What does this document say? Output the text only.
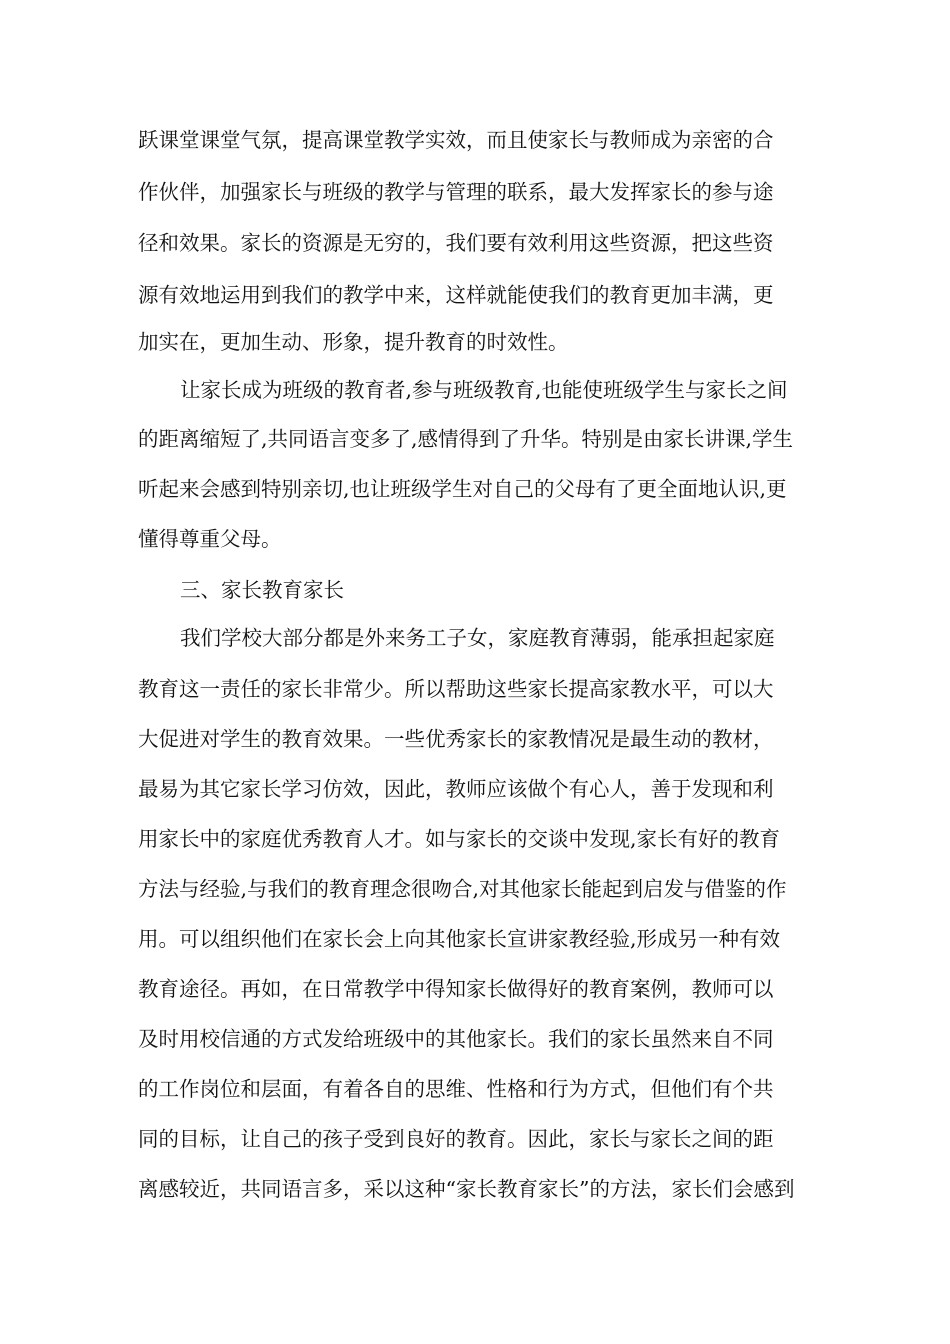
跃课堂课堂气氛，提高课堂教学实效，而且使家长与教师成为亲密的合
作伙伴，加强家长与班级的教学与管理的联系，最大发挥家长的参与途
径和效果。家长的资源是无穷的，我们要有效利用这些资源，把这些资
源有效地运用到我们的教学中来，这样就能使我们的教育更加丰满，更
加实在，更加生动、形象，提升教育的时效性。
让家长成为班级的教育者,参与班级教育,也能使班级学生与家长之间
的距离缩短了,共同语言变多了,感情得到了升华。特别是由家长讲课,学生
听起来会感到特别亲切,也让班级学生对自己的父母有了更全面地认识,更
懂得尊重父母。
三、家长教育家长
我们学校大部分都是外来务工子女，家庭教育薄弱，能承担起家庭
教育这一责任的家长非常少。所以帮助这些家长提高家教水平，可以大
大促进对学生的教育效果。一些优秀家长的家教情况是最生动的教材，
最易为其它家长学习仿效，因此，教师应该做个有心人，善于发现和利
用家长中的家庭优秀教育人才。如与家长的交谈中发现,家长有好的教育
方法与经验,与我们的教育理念很吻合,对其他家长能起到启发与借鉴的作
用。可以组织他们在家长会上向其他家长宣讲家教经验,形成另一种有效
教育途径。再如，在日常教学中得知家长做得好的教育案例，教师可以
及时用校信通的方式发给班级中的其他家长。我们的家长虽然来自不同
的工作岗位和层面，有着各自的思维、性格和行为方式，但他们有个共
同的目标，让自己的孩子受到良好的教育。因此，家长与家长之间的距
离感较近，共同语言多，采以这种“家长教育家长”的方法，家长们会感到
